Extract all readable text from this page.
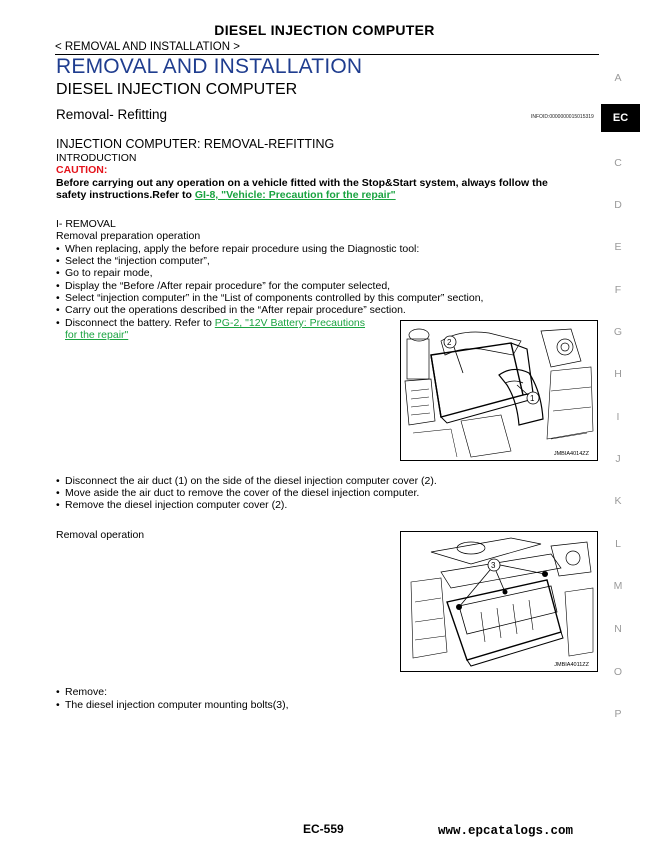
DIESEL INJECTION COMPUTER
< REMOVAL AND INSTALLATION >
REMOVAL AND INSTALLATION
DIESEL INJECTION COMPUTER
Removal- Refitting	INFOID:0000000015015319
A
EC
C
D
E
F
G
H
I
J
K
L
M
N
O
P
INJECTION COMPUTER: REMOVAL-REFITTING
INTRODUCTION
CAUTION:
Before carrying out any operation on a vehicle fitted with the Stop&Start system, always follow the
safety instructions.Refer to GI-8, "Vehicle: Precaution for the repair"
I- REMOVAL
Removal preparation operation
• When replacing, apply the before repair procedure using the Diagnostic tool:
• Select the “injection computer”,
• Go to repair mode,
• Display the “Before /After repair procedure” for the computer selected,
• Select “injection computer” in the “List of components controlled by this computer” section,
• Carry out the operations described in the “After repair procedure” section.
• Disconnect the battery. Refer to PG-2, "12V Battery: Precautions
for the repair"
2
1
JMBIA4014ZZ
• Disconnect the air duct (1) on the side of the diesel injection computer cover (2).
• Move aside the air duct to remove the cover of the diesel injection computer.
• Remove the diesel injection computer cover (2).
Removal operation
3
JMBIA4011ZZ
• Remove:
• The diesel injection computer mounting bolts(3),
EC-559	www.epcatalogs.com
